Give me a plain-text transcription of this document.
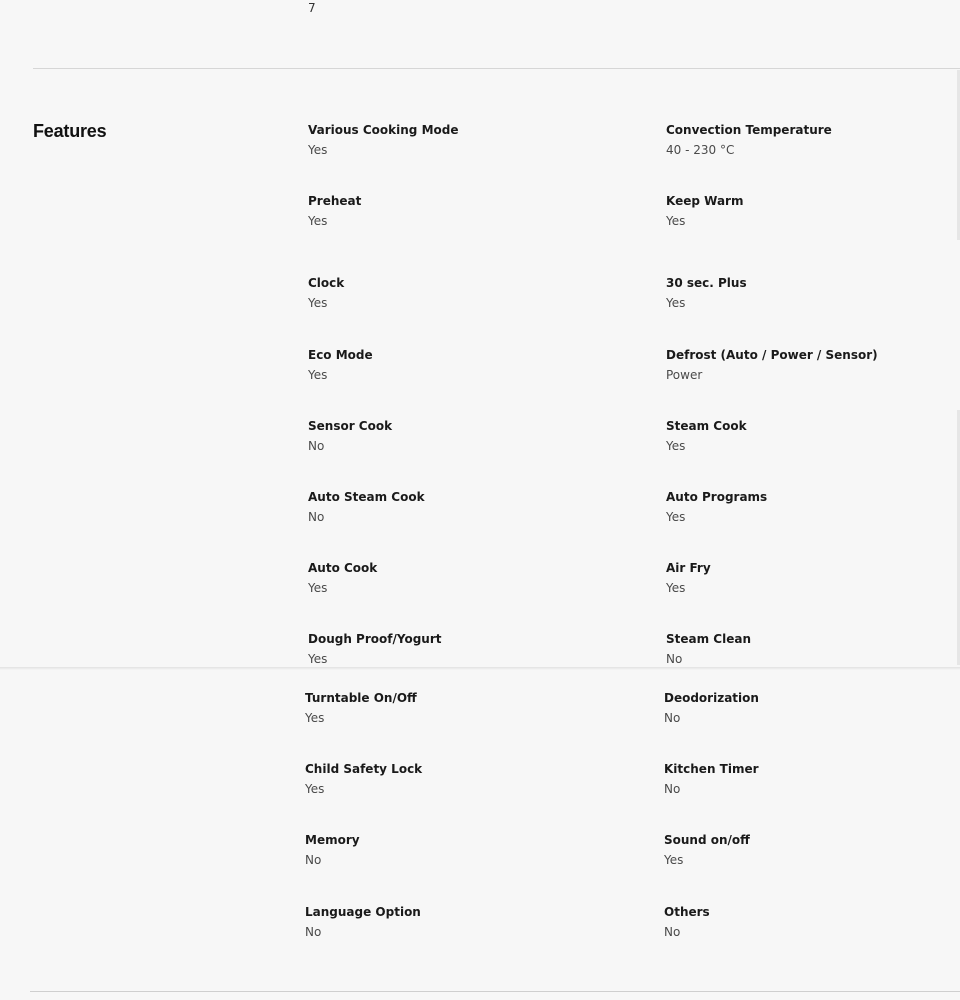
7
Features	Various Cooking Mode
Yes
Convection Temperature
40 - 230 °C
Preheat
Yes
Keep Warm
Yes
Clock
Yes
30 sec. Plus
Yes
Eco Mode
Yes
Defrost (Auto / Power / Sensor)
Power
Sensor Cook
No
Steam Cook
Yes
Auto Steam Cook
No
Auto Programs
Yes
Auto Cook
Yes
Air Fry
Yes
Dough Proof/Yogurt
Yes
Steam Clean
No
Turntable On/Off
Yes
Deodorization
No
Child Safety Lock
Yes
Kitchen Timer
No
Memory
No
Sound on/off
Yes
Language Option
No
Others
No
